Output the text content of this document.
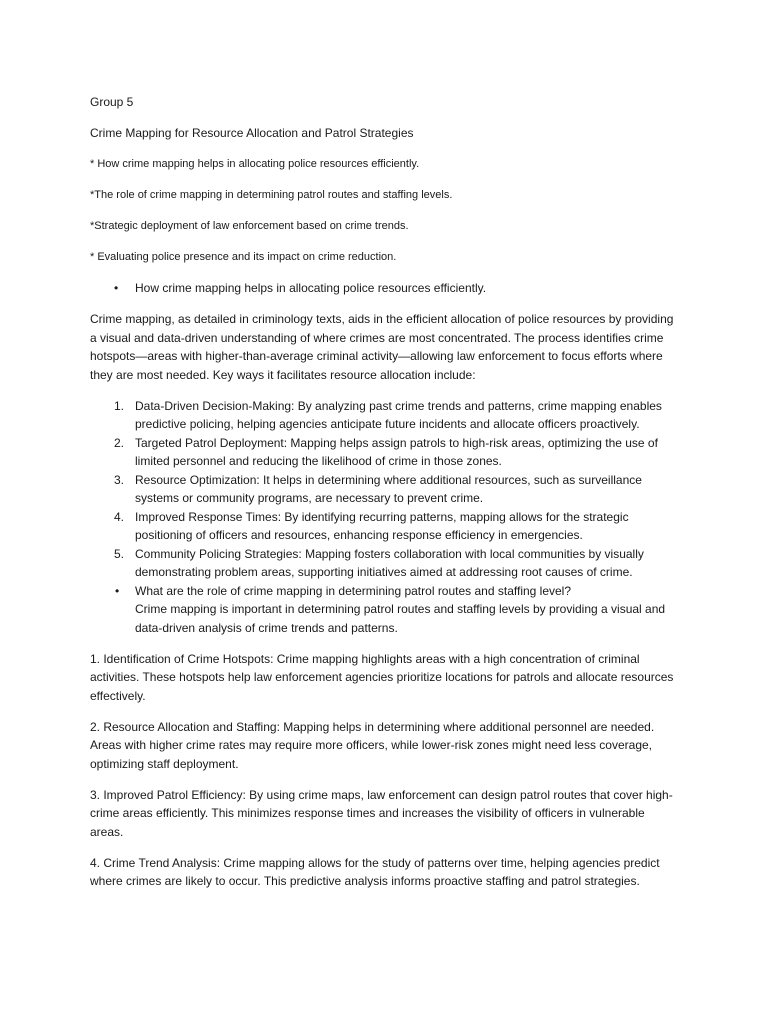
Group 5

Crime Mapping for Resource Allocation and Patrol Strategies

* How crime mapping helps in allocating police resources efficiently.

*The role of crime mapping in determining patrol routes and staffing levels.

*Strategic deployment of law enforcement based on crime trends.

* Evaluating police presence and its impact on crime reduction.

• How crime mapping helps in allocating police resources efficiently.

Crime mapping, as detailed in criminology texts, aids in the efficient allocation of police resources by providing a visual and data-driven understanding of where crimes are most concentrated. The process identifies crime hotspots—areas with higher-than-average criminal activity—allowing law enforcement to focus efforts where they are most needed. Key ways it facilitates resource allocation include:

1. Data-Driven Decision-Making: By analyzing past crime trends and patterns, crime mapping enables predictive policing, helping agencies anticipate future incidents and allocate officers proactively.
2. Targeted Patrol Deployment: Mapping helps assign patrols to high-risk areas, optimizing the use of limited personnel and reducing the likelihood of crime in those zones.
3. Resource Optimization: It helps in determining where additional resources, such as surveillance systems or community programs, are necessary to prevent crime.
4. Improved Response Times: By identifying recurring patterns, mapping allows for the strategic positioning of officers and resources, enhancing response efficiency in emergencies.
5. Community Policing Strategies: Mapping fosters collaboration with local communities by visually demonstrating problem areas, supporting initiatives aimed at addressing root causes of crime.
• What are the role of crime mapping in determining patrol routes and staffing level?
Crime mapping is important in determining patrol routes and staffing levels by providing a visual and data-driven analysis of crime trends and patterns.

1. Identification of Crime Hotspots: Crime mapping highlights areas with a high concentration of criminal activities. These hotspots help law enforcement agencies prioritize locations for patrols and allocate resources effectively.

2. Resource Allocation and Staffing: Mapping helps in determining where additional personnel are needed. Areas with higher crime rates may require more officers, while lower-risk zones might need less coverage, optimizing staff deployment.

3. Improved Patrol Efficiency: By using crime maps, law enforcement can design patrol routes that cover high-crime areas efficiently. This minimizes response times and increases the visibility of officers in vulnerable areas.

4. Crime Trend Analysis: Crime mapping allows for the study of patterns over time, helping agencies predict where crimes are likely to occur. This predictive analysis informs proactive staffing and patrol strategies.
